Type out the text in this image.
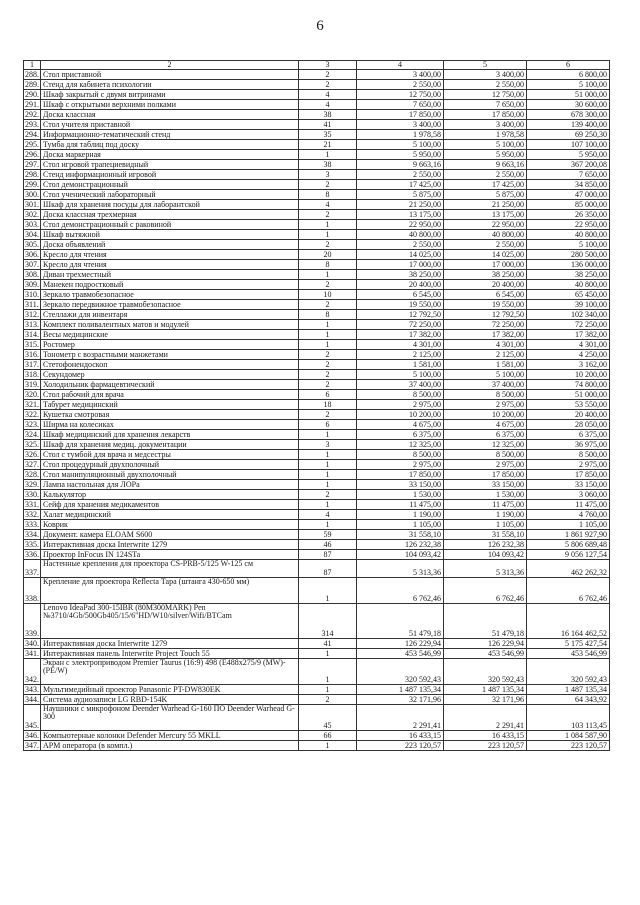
6
1	2	3	4	5	6
288.	Стол приставной	2	3 400,00	3 400,00	6 800,00
289.	Стенд для кабинета психологии	2	2 550,00	2 550,00	5 100,00
290.	Шкаф закрытый с двумя витринами	4	12 750,00	12 750,00	51 000,00
291.	Шкаф с открытыми верхними полками	4	7 650,00	7 650,00	30 600,00
292.	Доска классная	38	17 850,00	17 850,00	678 300,00
293.	Стол учителя приставной	41	3 400,00	3 400,00	139 400,00
294.	Информационно-тематический стенд	35	1 978,58	1 978,58	69 250,30
295.	Тумба для таблиц под доску	21	5 100,00	5 100,00	107 100,00
296.	Доска маркерная	1	5 950,00	5 950,00	5 950,00
297.	Стол игровой трапециевидный	38	9 663,16	9 663,16	367 200,08
298.	Стенд информационный игровой	3	2 550,00	2 550,00	7 650,00
299.	Стол демонстрационный	2	17 425,00	17 425,00	34 850,00
300.	Стол ученический лабораторный	8	5 875,00	5 875,00	47 000,00
301.	Шкаф для хранения посуды для лаборантской	4	21 250,00	21 250,00	85 000,00
302.	Доска классная трехмерная	2	13 175,00	13 175,00	26 350,00
303.	Стол демонстрационный с раковиной	1	22 950,00	22 950,00	22 950,00
304.	Шкаф вытяжной	1	40 800,00	40 800,00	40 800,00
305.	Доска объявлений	2	2 550,00	2 550,00	5 100,00
306.	Кресло для чтения	20	14 025,00	14 025,00	280 500,00
307.	Кресло для чтения	8	17 000,00	17 000,00	136 000,00
308.	Диван трехместный	1	38 250,00	38 250,00	38 250,00
309.	Манекен подростковый	2	20 400,00	20 400,00	40 800,00
310.	Зеркало травмобезопасное	10	6 545,00	6 545,00	65 450,00
311.	Зеркало передвижное травмобезопасное	2	19 550,00	19 550,00	39 100,00
312.	Стеллажи для инвентаря	8	12 792,50	12 792,50	102 340,00
313.	Комплект поливалентных матов и модулей	1	72 250,00	72 250,00	72 250,00
314.	Весы медицинские	1	17 382,00	17 382,00	17 382,00
315.	Ростомер	1	4 301,00	4 301,00	4 301,00
316.	Тонометр с возрастными манжетами	2	2 125,00	2 125,00	4 250,00
317.	Стетофонендоскоп	2	1 581,00	1 581,00	3 162,00
318.	Секундомер	2	5 100,00	5 100,00	10 200,00
319.	Холодильник фармацевтический	2	37 400,00	37 400,00	74 800,00
320.	Стол рабочий для врача	6	8 500,00	8 500,00	51 000,00
321.	Табурет медицинский	18	2 975,00	2 975,00	53 550,00
322.	Кушетка смотровая	2	10 200,00	10 200,00	20 400,00
323.	Ширма на колесиках	6	4 675,00	4 675,00	28 050,00
324.	Шкаф медицинский для хранения лекарств	1	6 375,00	6 375,00	6 375,00
325.	Шкаф для хранения медиц. документации	3	12 325,00	12 325,00	36 975,00
326.	Стол с тумбой для врача и медсестры	1	8 500,00	8 500,00	8 500,00
327.	Стол процедурный двухполочный	1	2 975,00	2 975,00	2 975,00
328.	Стол манипуляционный двухполочный	1	17 850,00	17 850,00	17 850,00
329.	Лампа настольная для ЛОРа	1	33 150,00	33 150,00	33 150,00
330.	Калькулятор	2	1 530,00	1 530,00	3 060,00
331.	Сейф для хранения медикаментов	1	11 475,00	11 475,00	11 475,00
332.	Халат медицинский	4	1 190,00	1 190,00	4 760,00
333.	Коврик	1	1 105,00	1 105,00	1 105,00
334.	Документ. камера ELOAM S600	59	31 558,10	31 558,10	1 861 927,90
335.	Интерактивная доска Interwrite 1279	46	126 232,38	126 232,38	5 806 689,48
336.	Проектор InFocus IN 124STa	87	104 093,42	104 093,42	9 056 127,54
337.	Настенные крепления для проектора CS-PRB-5/125 W-125 см	87	5 313,36	5 313,36	462 262,32
338.	Крепление для проектора Reflecta Тара (штанга 430-650 мм)	1	6 762,46	6 762,46	6 762,46
339.	Lenovo IdeaPad 300-15IBR (80M300MARK) Pen №3710/4Gb/500Gb405/15/6"HD/W10/silver/Wifi/BTCam	314	51 479,18	51 479,18	16 164 462,52
340.	Интерактивная доска Interwrite 1279	41	126 229,94	126 229,94	5 175 427,54
341.	Интерактивная панель Interwrite Project Touch 55	1	453 546,99	453 546,99	453 546,99
342.	Экран с электроприводом Premier Taurus (16:9) 498 (E488x275/9 (MW)-(PE/W)	1	320 592,43	320 592,43	320 592,43
343.	Мультимедийный проектор Panasonic PT-DW830EK	1	1 487 135,34	1 487 135,34	1 487 135,34
344.	Система аудиозаписи LG RBD-154K	2	32 171,96	32 171,96	64 343,92
345.	Наушники с микрофоном Deender Warhead G-160 ПО Deender Warhead G-300	45	2 291,41	2 291,41	103 113,45
346.	Компьютерные колонки Defender Mercury 55 MKLL	66	16 433,15	16 433,15	1 084 587,90
347.	АРМ оператора (в компл.)	1	223 120,57	223 120,57	223 120,57
